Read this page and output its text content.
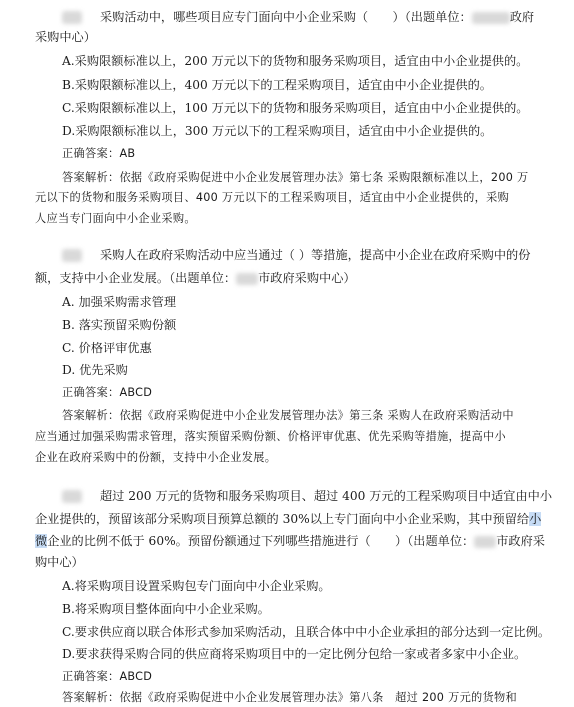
采购活动中，哪些项目应专门面向中小企业采购（　　）（出题单位：	政府
采购中心）
A.采购限额标准以上，200 万元以下的货物和服务采购项目，适宜由中小企业提供的。
B.采购限额标准以上，400 万元以下的工程采购项目，适宜由中小企业提供的。
C.采购限额标准以上，100 万元以下的货物和服务采购项目，适宜由中小企业提供的。
D.采购限额标准以上，300 万元以下的工程采购项目，适宜由中小企业提供的。
正确答案：AB
答案解析：依据《政府采购促进中小企业发展管理办法》第七条 采购限额标准以上，200 万
元以下的货物和服务采购项目、400 万元以下的工程采购项目，适宜由中小企业提供的，采购
人应当专门面向中小企业采购。
采购人在政府采购活动中应当通过（ ）等措施，提高中小企业在政府采购中的份
额，支持中小企业发展。（出题单位： 市政府采购中心）
A. 加强采购需求管理
B. 落实预留采购份额
C. 价格评审优惠
D. 优先采购
正确答案：ABCD
答案解析：依据《政府采购促进中小企业发展管理办法》第三条 采购人在政府采购活动中
应当通过加强采购需求管理，落实预留采购份额、价格评审优惠、优先采购等措施，提高中小
企业在政府采购中的份额，支持中小企业发展。
超过 200 万元的货物和服务采购项目、超过 400 万元的工程采购项目中适宜由中小
企业提供的，预留该部分采购项目预算总额的 30%以上专门面向中小企业采购，其中预留给小
微企业的比例不低于 60%。预留份额通过下列哪些措施进行（　　）（出题单位： 市政府采
购中心）
A.将采购项目设置采购包专门面向中小企业采购。
B.将采购项目整体面向中小企业采购。
C.要求供应商以联合体形式参加采购活动，且联合体中中小企业承担的部分达到一定比例。
D.要求获得采购合同的供应商将采购项目中的一定比例分包给一家或者多家中小企业。
正确答案：ABCD
答案解析：依据《政府采购促进中小企业发展管理办法》第八条　超过 200 万元的货物和
